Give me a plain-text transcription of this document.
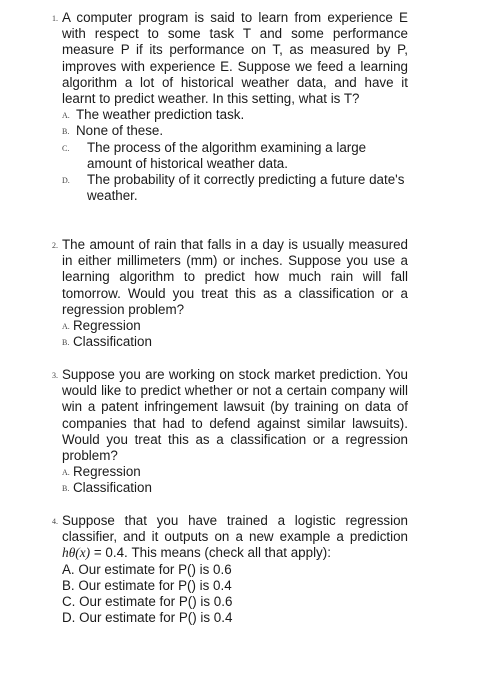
1. A computer program is said to learn from experience E with respect to some task T and some performance measure P if its performance on T, as measured by P, improves with experience E. Suppose we feed a learning algorithm a lot of historical weather data, and have it learnt to predict weather. In this setting, what is T?

A. The weather prediction task.
B. None of these.
C. The process of the algorithm examining a large amount of historical weather data.
D. The probability of it correctly predicting a future date's weather.
2. The amount of rain that falls in a day is usually measured in either millimeters (mm) or inches. Suppose you use a learning algorithm to predict how much rain will fall tomorrow. Would you treat this as a classification or a regression problem?

A. Regression
B. Classification
3. Suppose you are working on stock market prediction. You would like to predict whether or not a certain company will win a patent infringement lawsuit (by training on data of companies that had to defend against similar lawsuits). Would you treat this as a classification or a regression problem?

A. Regression
B. Classification
4. Suppose that you have trained a logistic regression classifier, and it outputs on a new example a prediction hθ(x) = 0.4. This means (check all that apply):

A. Our estimate for P() is 0.6
B. Our estimate for P() is 0.4
C. Our estimate for P() is 0.6
D. Our estimate for P() is 0.4
